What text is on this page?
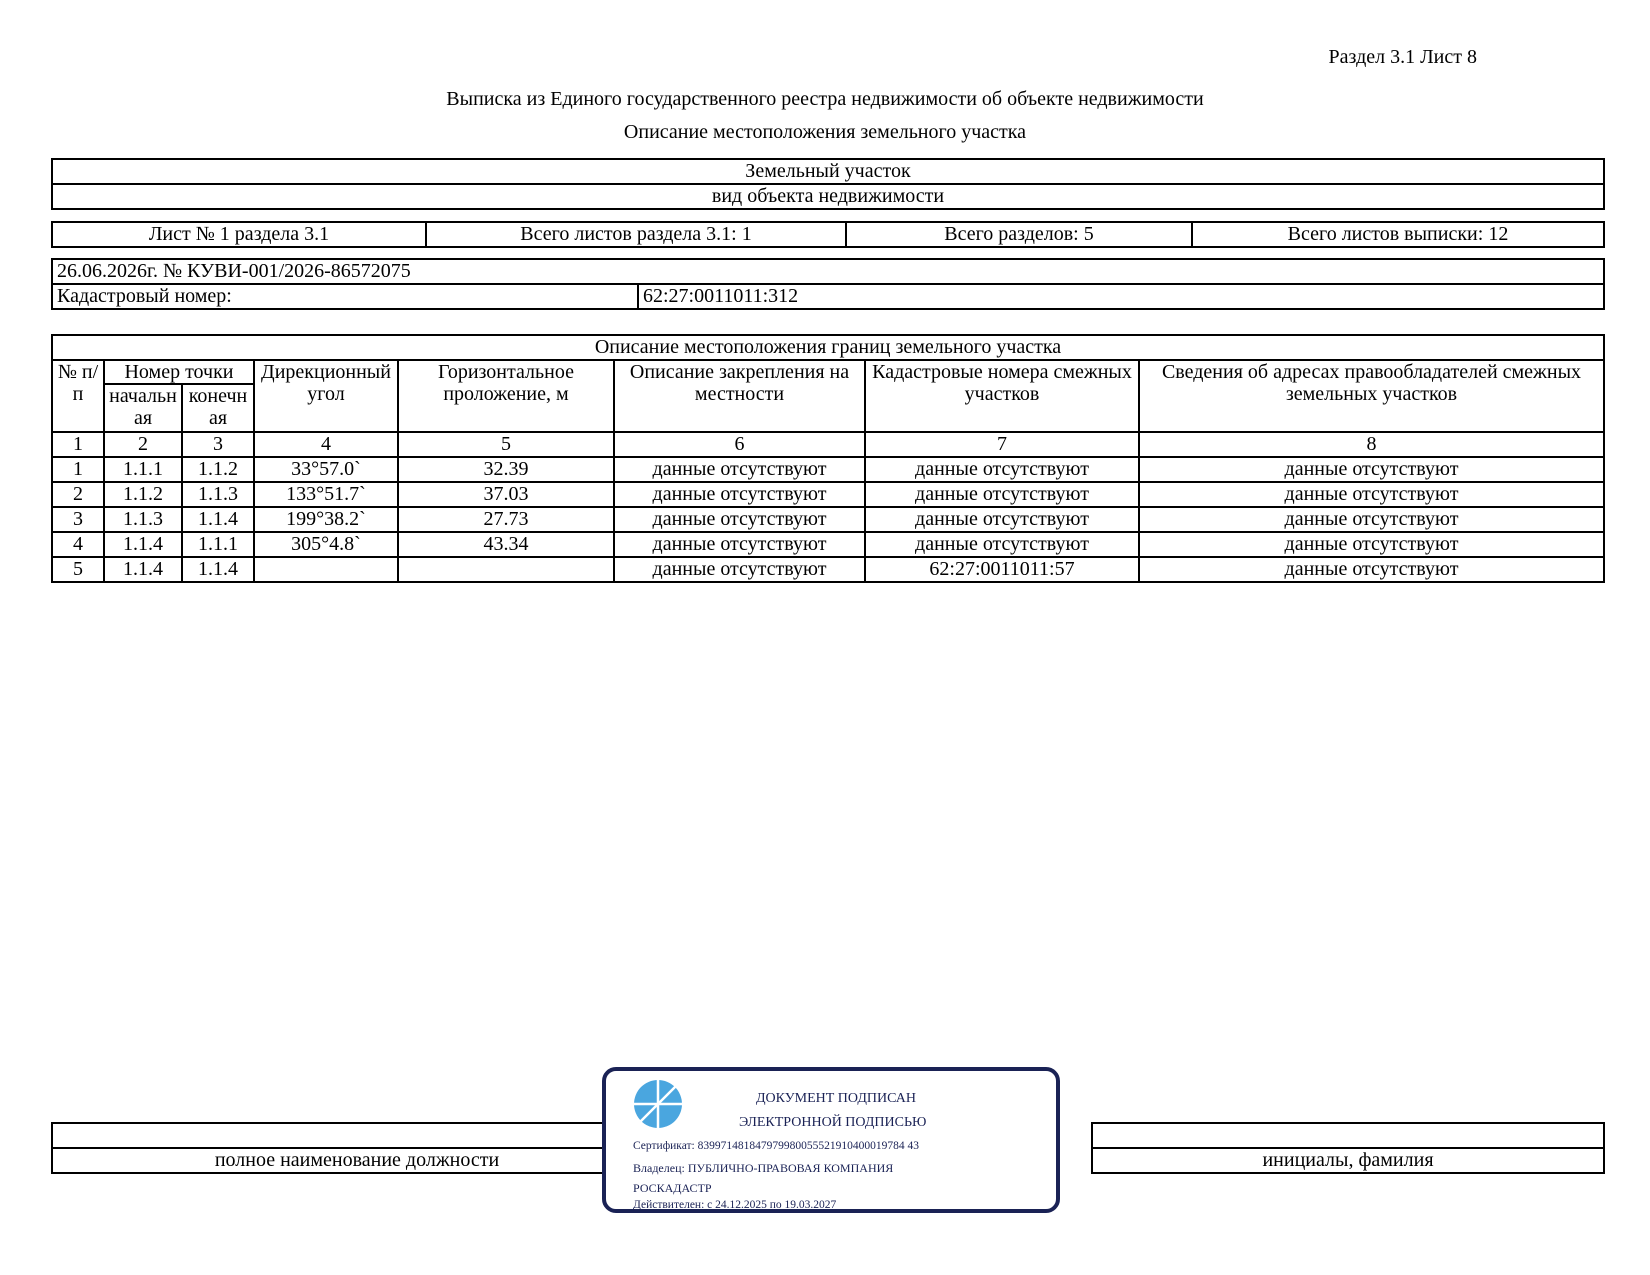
Раздел 3.1 Лист 8
Выписка из Единого государственного реестра недвижимости об объекте недвижимости
Описание местоположения земельного участка
Земельный участок
вид объекта недвижимости
Лист № 1 раздела 3.1	Всего листов раздела 3.1: 1	Всего разделов: 5	Всего листов выписки: 12
26.06.2026г. № КУВИ-001/2026-86572075
Кадастровый номер:	62:27:0011011:312
Описание местоположения границ земельного участка							
№ п/п	Номер точки		Дирекционный угол	Горизонтальное проложение, м	Описание закрепления на местности	Кадастровые номера смежных участков	Сведения об адресах правообладателей смежных земельных участков
	начальн ая	конечн ая					
1	2	3	4	5	6	7	8
1	1.1.1	1.1.2	33°57.0`	32.39	данные отсутствуют	данные отсутствуют	данные отсутствуют
2	1.1.2	1.1.3	133°51.7`	37.03	данные отсутствуют	данные отсутствуют	данные отсутствуют
3	1.1.3	1.1.4	199°38.2`	27.73	данные отсутствуют	данные отсутствуют	данные отсутствуют
4	1.1.4	1.1.1	305°4.8`	43.34	данные отсутствуют	данные отсутствуют	данные отсутствуют
5	1.1.4	1.1.4			данные отсутствуют	62:27:0011011:57	данные отсутствуют

полное наименование должности		инициалы, фамилия
ДОКУМЕНТ ПОДПИСАН
ЭЛЕКТРОННОЙ ПОДПИСЬЮ
Сертификат: 839971481847979980055521910400019784 43
Владелец: ПУБЛИЧНО-ПРАВОВАЯ КОМПАНИЯ
РОСКАДАСТР
Действителен: с 24.12.2025 по 19.03.2027
